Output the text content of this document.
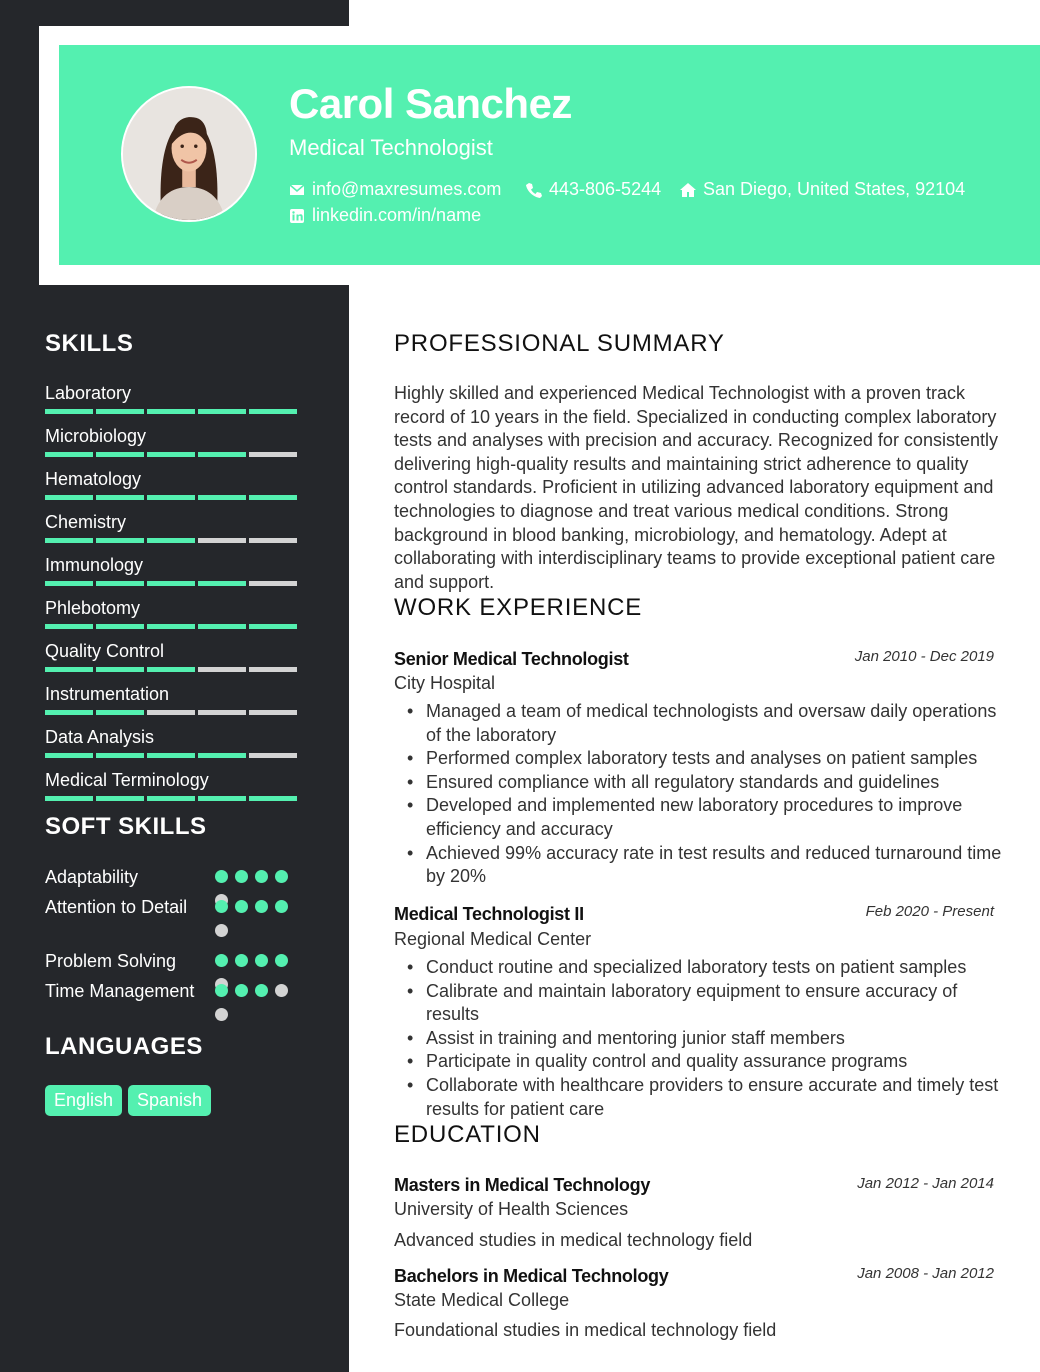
Carol Sanchez
Medical Technologist
info@maxresumes.com	443-806-5244 San Diego, United States, 92104
linkedin.com/in/name
SKILLS
Laboratory
Microbiology
Hematology
Chemistry
Immunology
Phlebotomy
Quality Control
Instrumentation
Data Analysis
Medical Terminology
SOFT SKILLS
Adaptability
Attention to Detail
Problem Solving
Time Management
LANGUAGES
English	Spanish
PROFESSIONAL SUMMARY
Highly skilled and experienced Medical Technologist with a proven track record of 10 years in the field. Specialized in conducting complex laboratory tests and analyses with precision and accuracy. Recognized for consistently delivering high-quality results and maintaining strict adherence to quality control standards. Proficient in utilizing advanced laboratory equipment and technologies to diagnose and treat various medical conditions. Strong background in blood banking, microbiology, and hematology. Adept at collaborating with interdisciplinary teams to provide exceptional patient care and support.
WORK EXPERIENCE
Senior Medical Technologist	Jan 2010 - Dec 2019
City Hospital
• Managed a team of medical technologists and oversaw daily operations of the laboratory
• Performed complex laboratory tests and analyses on patient samples
• Ensured compliance with all regulatory standards and guidelines
• Developed and implemented new laboratory procedures to improve efficiency and accuracy
• Achieved 99% accuracy rate in test results and reduced turnaround time by 20%
Medical Technologist II	Feb 2020 - Present
Regional Medical Center
• Conduct routine and specialized laboratory tests on patient samples
• Calibrate and maintain laboratory equipment to ensure accuracy of results
• Assist in training and mentoring junior staff members
• Participate in quality control and quality assurance programs
• Collaborate with healthcare providers to ensure accurate and timely test results for patient care
EDUCATION
Masters in Medical Technology	Jan 2012 - Jan 2014
University of Health Sciences
Advanced studies in medical technology field
Bachelors in Medical Technology	Jan 2008 - Jan 2012
State Medical College
Foundational studies in medical technology field
